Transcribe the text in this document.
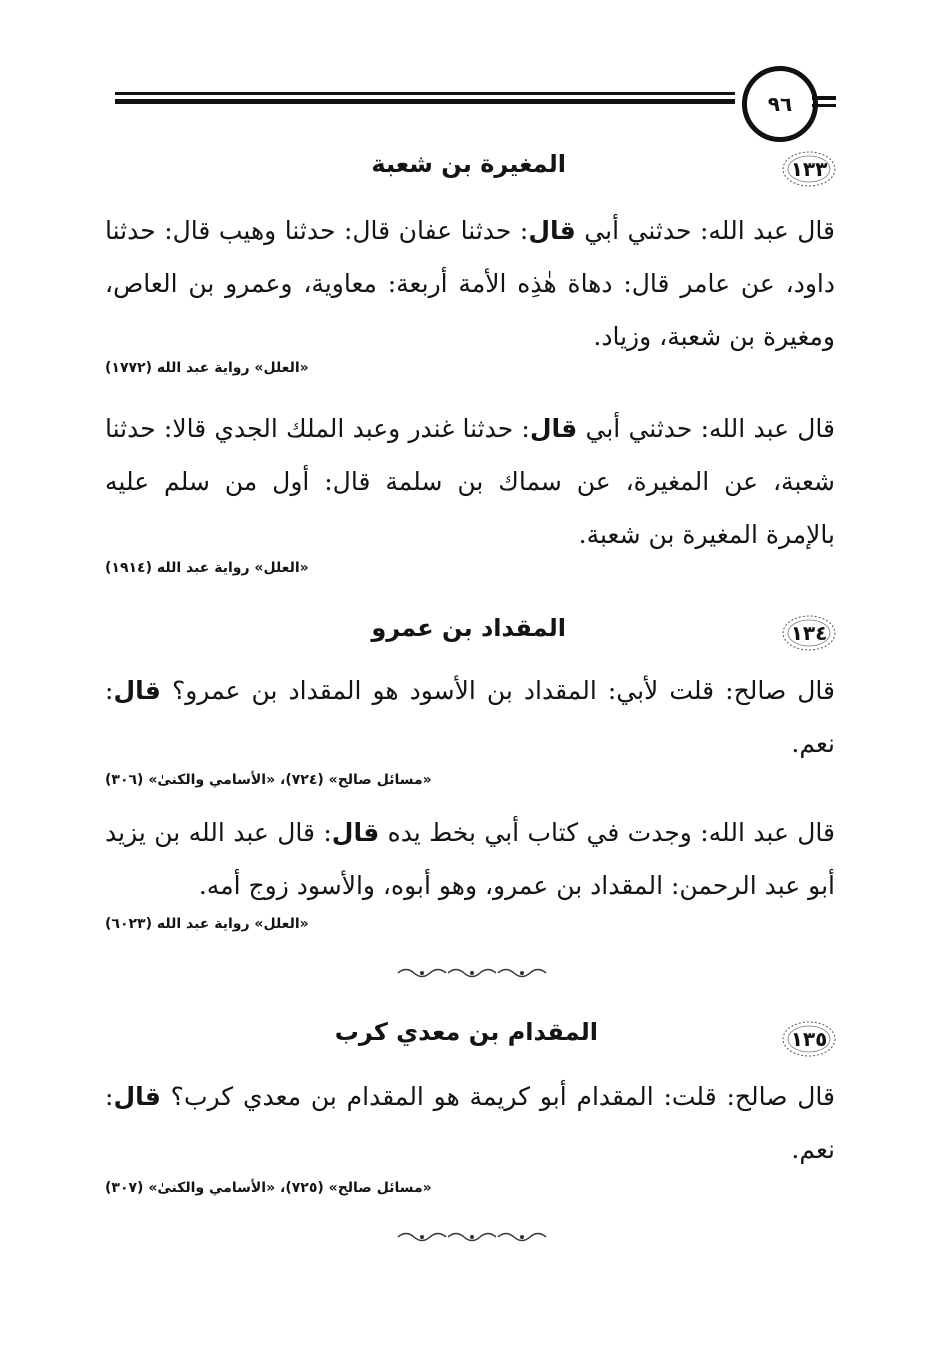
٩٦
١٣٣
المغيرة بن شعبة
قال عبد الله: حدثني أبي قال: حدثنا عفان قال: حدثنا وهيب قال: حدثنا داود، عن عامر قال: دهاة هٰذِه الأمة أربعة: معاوية، وعمرو بن العاص، ومغيرة بن شعبة، وزياد.
«العلل» رواية عبد الله (١٧٧٢)
قال عبد الله: حدثني أبي قال: حدثنا غندر وعبد الملك الجدي قالا: حدثنا شعبة، عن المغيرة، عن سماك بن سلمة قال: أول من سلم عليه بالإمرة المغيرة بن شعبة.
«العلل» رواية عبد الله (١٩١٤)
١٣٤
المقداد بن عمرو
قال صالح: قلت لأبي: المقداد بن الأسود هو المقداد بن عمرو؟ قال: نعم.
«مسائل صالح» (٧٢٤)، «الأسامي والكنىٰ» (٣٠٦)
قال عبد الله: وجدت في كتاب أبي بخط يده قال: قال عبد الله بن يزيد أبو عبد الرحمن: المقداد بن عمرو، وهو أبوه، والأسود زوج أمه.
«العلل» رواية عبد الله (٦٠٢٣)
١٣٥
المقدام بن معدي كرب
قال صالح: قلت: المقدام أبو كريمة هو المقدام بن معدي كرب؟ قال: نعم.
«مسائل صالح» (٧٢٥)، «الأسامي والكنىٰ» (٣٠٧)
